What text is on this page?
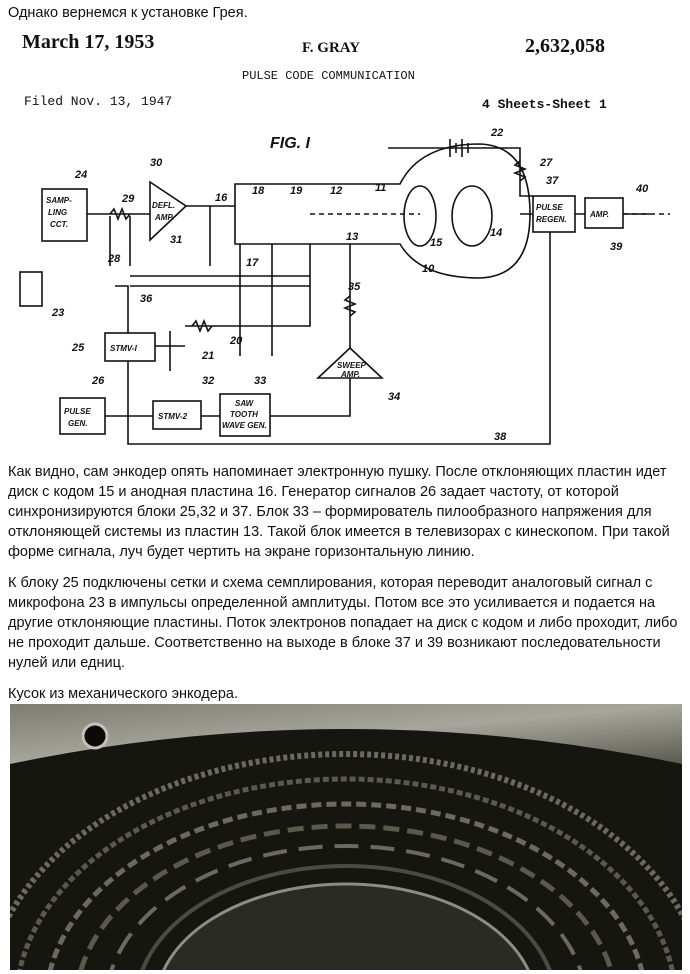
Однако вернемся к установке Грея.
March 17, 1953	F. GRAY	2,632,058
PULSE CODE COMMUNICATION
Filed Nov. 13, 1947	4 Sheets-Sheet 1
FIG. I
SAMP-
LING
CCT.
DEFL.
AMP.
PULSE
REGEN.
AMP.
STMV-I
PULSE
GEN.
STMV-2
SAW
TOOTH
WAVE GEN.
SWEEP
AMP.
22
24
30
29	16
18 19	12	11
37
27
40
28
31
17
13	15
14
10
39
36
35
25
21
20
26	32	33
34
38
23
Как видно, сам энкодер опять напоминает электронную пушку. После отклоняющих пластин идет диск с кодом 15 и анодная пластина 16. Генератор сигналов 26 задает частоту, от которой синхронизируются блоки 25,32 и 37. Блок 33 – формирователь пилообразного напряжения для отклоняющей системы из пластин 13. Такой блок имеется в телевизорах с кинескопом. При такой форме сигнала, луч будет чертить на экране горизонтальную линию.
К блоку 25 подключены сетки и схема семплирования, которая переводит аналоговый сигнал с микрофона 23 в импульсы определенной амплитуды. Потом все это усиливается и подается на другие отклоняющие пластины. Поток электронов попадает на диск с кодом и либо проходит, либо не проходит дальше. Соответственно на выходе в блоке 37 и 39 возникают последовательности нулей или едниц.
Кусок из механического энкодера.
